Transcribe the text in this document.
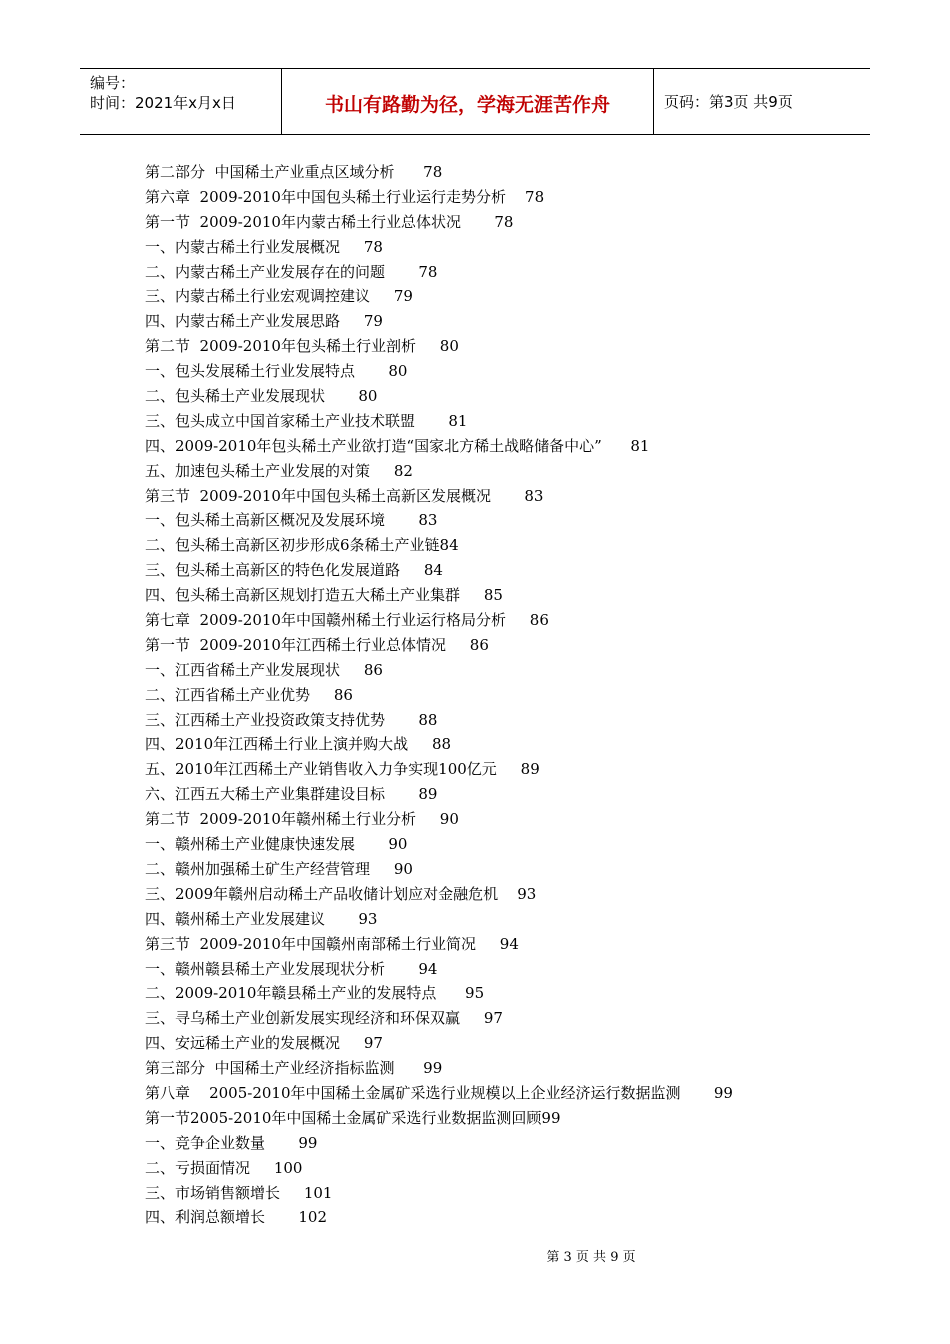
编号：
时间：2021年x月x日	书山有路勤为径，学海无涯苦作舟	页码：第3页 共9页
第二部分  中国稀土产业重点区域分析      78
第六章  2009-2010年中国包头稀土行业运行走势分析    78
第一节  2009-2010年内蒙古稀土行业总体状况       78
一、内蒙古稀土行业发展概况     78
二、内蒙古稀土产业发展存在的问题       78
三、内蒙古稀土行业宏观调控建议     79
四、内蒙古稀土产业发展思路     79
第二节  2009-2010年包头稀土行业剖析     80
一、包头发展稀土行业发展特点       80
二、包头稀土产业发展现状       80
三、包头成立中国首家稀土产业技术联盟       81
四、2009-2010年包头稀土产业欲打造“国家北方稀土战略储备中心”      81
五、加速包头稀土产业发展的对策     82
第三节  2009-2010年中国包头稀土高新区发展概况       83
一、包头稀土高新区概况及发展环境       83
二、包头稀土高新区初步形成6条稀土产业链84
三、包头稀土高新区的特色化发展道路     84
四、包头稀土高新区规划打造五大稀土产业集群     85
第七章  2009-2010年中国赣州稀土行业运行格局分析     86
第一节  2009-2010年江西稀土行业总体情况     86
一、江西省稀土产业发展现状     86
二、江西省稀土产业优势     86
三、江西稀土产业投资政策支持优势       88
四、2010年江西稀土行业上演并购大战     88
五、2010年江西稀土产业销售收入力争实现100亿元     89
六、江西五大稀土产业集群建设目标       89
第二节  2009-2010年赣州稀土行业分析     90
一、赣州稀土产业健康快速发展       90
二、赣州加强稀土矿生产经营管理     90
三、2009年赣州启动稀土产品收储计划应对金融危机    93
四、赣州稀土产业发展建议       93
第三节  2009-2010年中国赣州南部稀土行业简况     94
一、赣州赣县稀土产业发展现状分析       94
二、2009-2010年赣县稀土产业的发展特点      95
三、寻乌稀土产业创新发展实现经济和环保双赢     97
四、安远稀土产业的发展概况     97
第三部分  中国稀土产业经济指标监测      99
第八章    2005-2010年中国稀土金属矿采选行业规模以上企业经济运行数据监测       99
第一节2005-2010年中国稀土金属矿采选行业数据监测回顾99
一、竞争企业数量       99
二、亏损面情况     100
三、市场销售额增长     101
四、利润总额增长       102
第 3 页 共 9 页
